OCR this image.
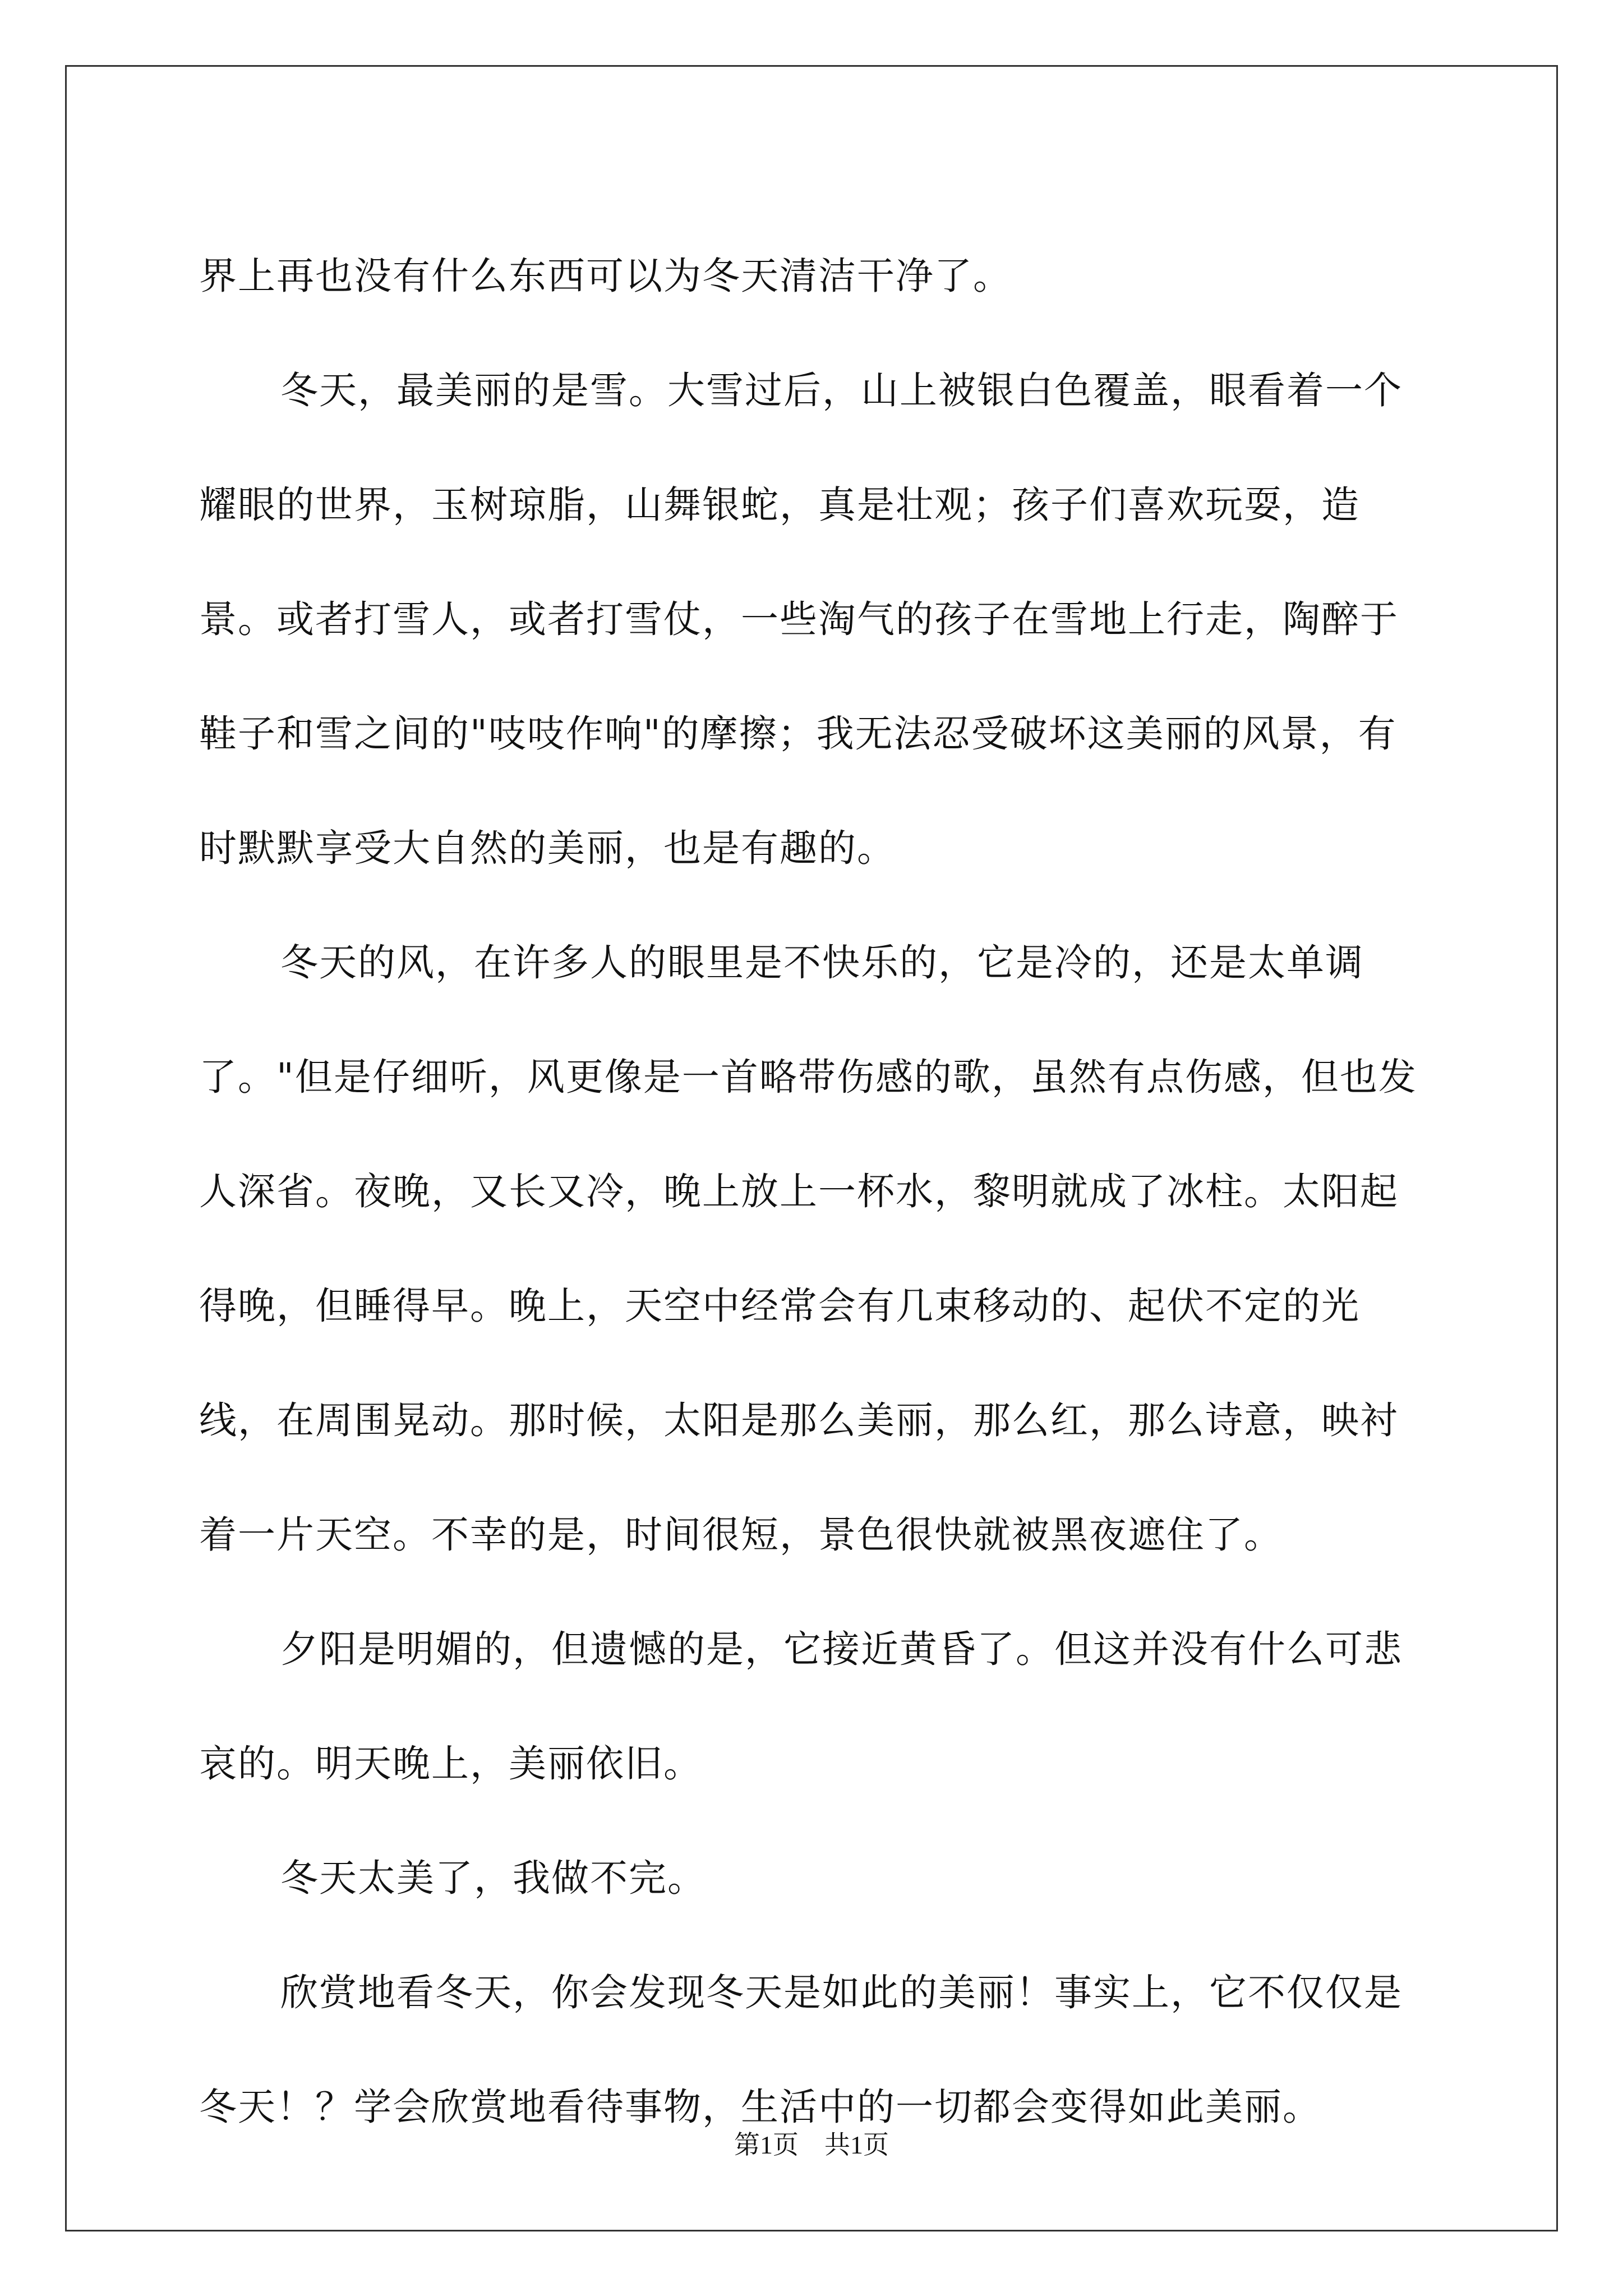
界上再也没有什么东西可以为冬天清洁干净了。

冬天，最美丽的是雪。大雪过后，山上被银白色覆盖，眼看着一个耀眼的世界，玉树琼脂，山舞银蛇，真是壮观；孩子们喜欢玩耍，造景。或者打雪人，或者打雪仗，一些淘气的孩子在雪地上行走，陶醉于鞋子和雪之间的"吱吱作响"的摩擦；我无法忍受破坏这美丽的风景，有时默默享受大自然的美丽，也是有趣的。

冬天的风，在许多人的眼里是不快乐的，它是冷的，还是太单调了。"但是仔细听，风更像是一首略带伤感的歌，虽然有点伤感，但也发人深省。夜晚，又长又冷，晚上放上一杯水，黎明就成了冰柱。太阳起得晚，但睡得早。晚上，天空中经常会有几束移动的、起伏不定的光线，在周围晃动。那时候，太阳是那么美丽，那么红，那么诗意，映衬着一片天空。不幸的是，时间很短，景色很快就被黑夜遮住了。

夕阳是明媚的，但遗憾的是，它接近黄昏了。但这并没有什么可悲哀的。明天晚上，美丽依旧。

冬天太美了，我做不完。

欣赏地看冬天，你会发现冬天是如此的美丽！事实上，它不仅仅是冬天！？学会欣赏地看待事物，生活中的一切都会变得如此美丽。

第1页　共1页
